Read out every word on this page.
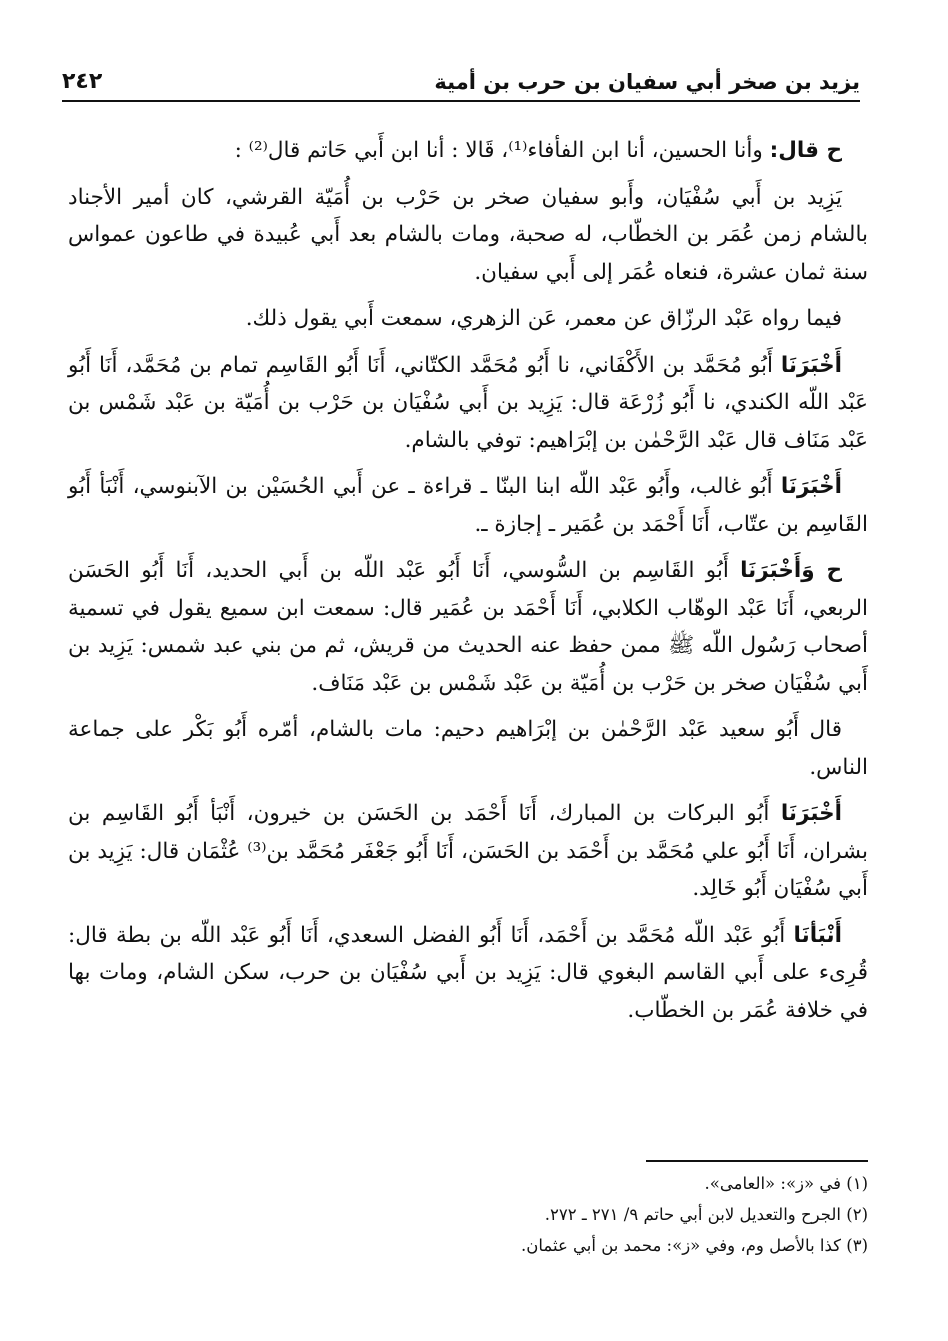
يزيد بن صخر أبي سفيان بن حرب بن أمية
٢٤٢

ح قال: وأنا الحسين، أنا ابن الفأفاء⁽¹⁾، قَالا : أنا ابن أَبي حَاتم قال⁽²⁾ :

يَزِيد بن أَبي سُفْيَان، وأَبو سفيان صخر بن حَرْب بن أُمَيّة القرشي، كان أمير الأجناد بالشام زمن عُمَر بن الخطّاب، له صحبة، ومات بالشام بعد أَبي عُبيدة في طاعون عمواس سنة ثمان عشرة، فنعاه عُمَر إلى أَبي سفيان.

فيما رواه عَبْد الرزّاق عن معمر، عَن الزهري، سمعت أَبي يقول ذلك.

أَخْبَرَنَا أَبُو مُحَمَّد بن الأَكْفَاني، نا أَبُو مُحَمَّد الكتّاني، أَنَا أَبُو القَاسِم تمام بن مُحَمَّد، أَنَا أَبُو عَبْد اللّه الكندي، نا أَبُو زُرْعَة قال: يَزِيد بن أَبي سُفْيَان بن حَرْب بن أُمَيّة بن عَبْد شَمْس بن عَبْد مَنَاف قال عَبْد الرَّحْمٰن بن إبْرَاهيم: توفي بالشام.

أَخْبَرَنَا أَبُو غالب، وأَبُو عَبْد اللّه ابنا البنّا ـ قراءة ـ عن أَبي الحُسَيْن بن الآبنوسي، أَنْبَأ أَبُو القَاسِم بن عتّاب، أَنَا أَحْمَد بن عُمَير ـ إجازة ـ.

ح وَأَخْبَرَنَا أَبُو القَاسِم بن السُّوسي، أَنَا أَبُو عَبْد اللّه بن أَبي الحديد، أَنَا أَبُو الحَسَن الربعي، أَنَا عَبْد الوهّاب الكلابي، أَنَا أَحْمَد بن عُمَير قال: سمعت ابن سميع يقول في تسمية أصحاب رَسُول اللّه ﷺ ممن حفظ عنه الحديث من قريش، ثم من بني عبد شمس: يَزِيد بن أَبي سُفْيَان صخر بن حَرْب بن أُمَيّة بن عَبْد شَمْس بن عَبْد مَنَاف.

قال أَبُو سعيد عَبْد الرَّحْمٰن بن إبْرَاهيم دحيم: مات بالشام، أمّره أَبُو بَكْر على جماعة الناس.

أَخْبَرَنَا أَبُو البركات بن المبارك، أَنَا أَحْمَد بن الحَسَن بن خيرون، أَنْبَأ أَبُو القَاسِم بن بشران، أَنَا أَبُو علي مُحَمَّد بن أَحْمَد بن الحَسَن، أَنَا أَبُو جَعْفَر مُحَمَّد بن⁽³⁾ عُثْمَان قال: يَزِيد بن أَبي سُفْيَان أَبُو خَالِد.

أَنْبَأنَا أَبُو عَبْد اللّه مُحَمَّد بن أَحْمَد، أَنَا أَبُو الفضل السعدي، أَنَا أَبُو عَبْد اللّه بن بطة قال: قُرِىء على أَبي القاسم البغوي قال: يَزِيد بن أَبي سُفْيَان بن حرب، سكن الشام، ومات بها في خلافة عُمَر بن الخطّاب.

(١) في «ز»: «العامى».

(٢) الجرح والتعديل لابن أبي حاتم ٩/ ٢٧١ ـ ٢٧٢.

(٣) كذا بالأصل وم، وفي «ز»: محمد بن أبي عثمان.
